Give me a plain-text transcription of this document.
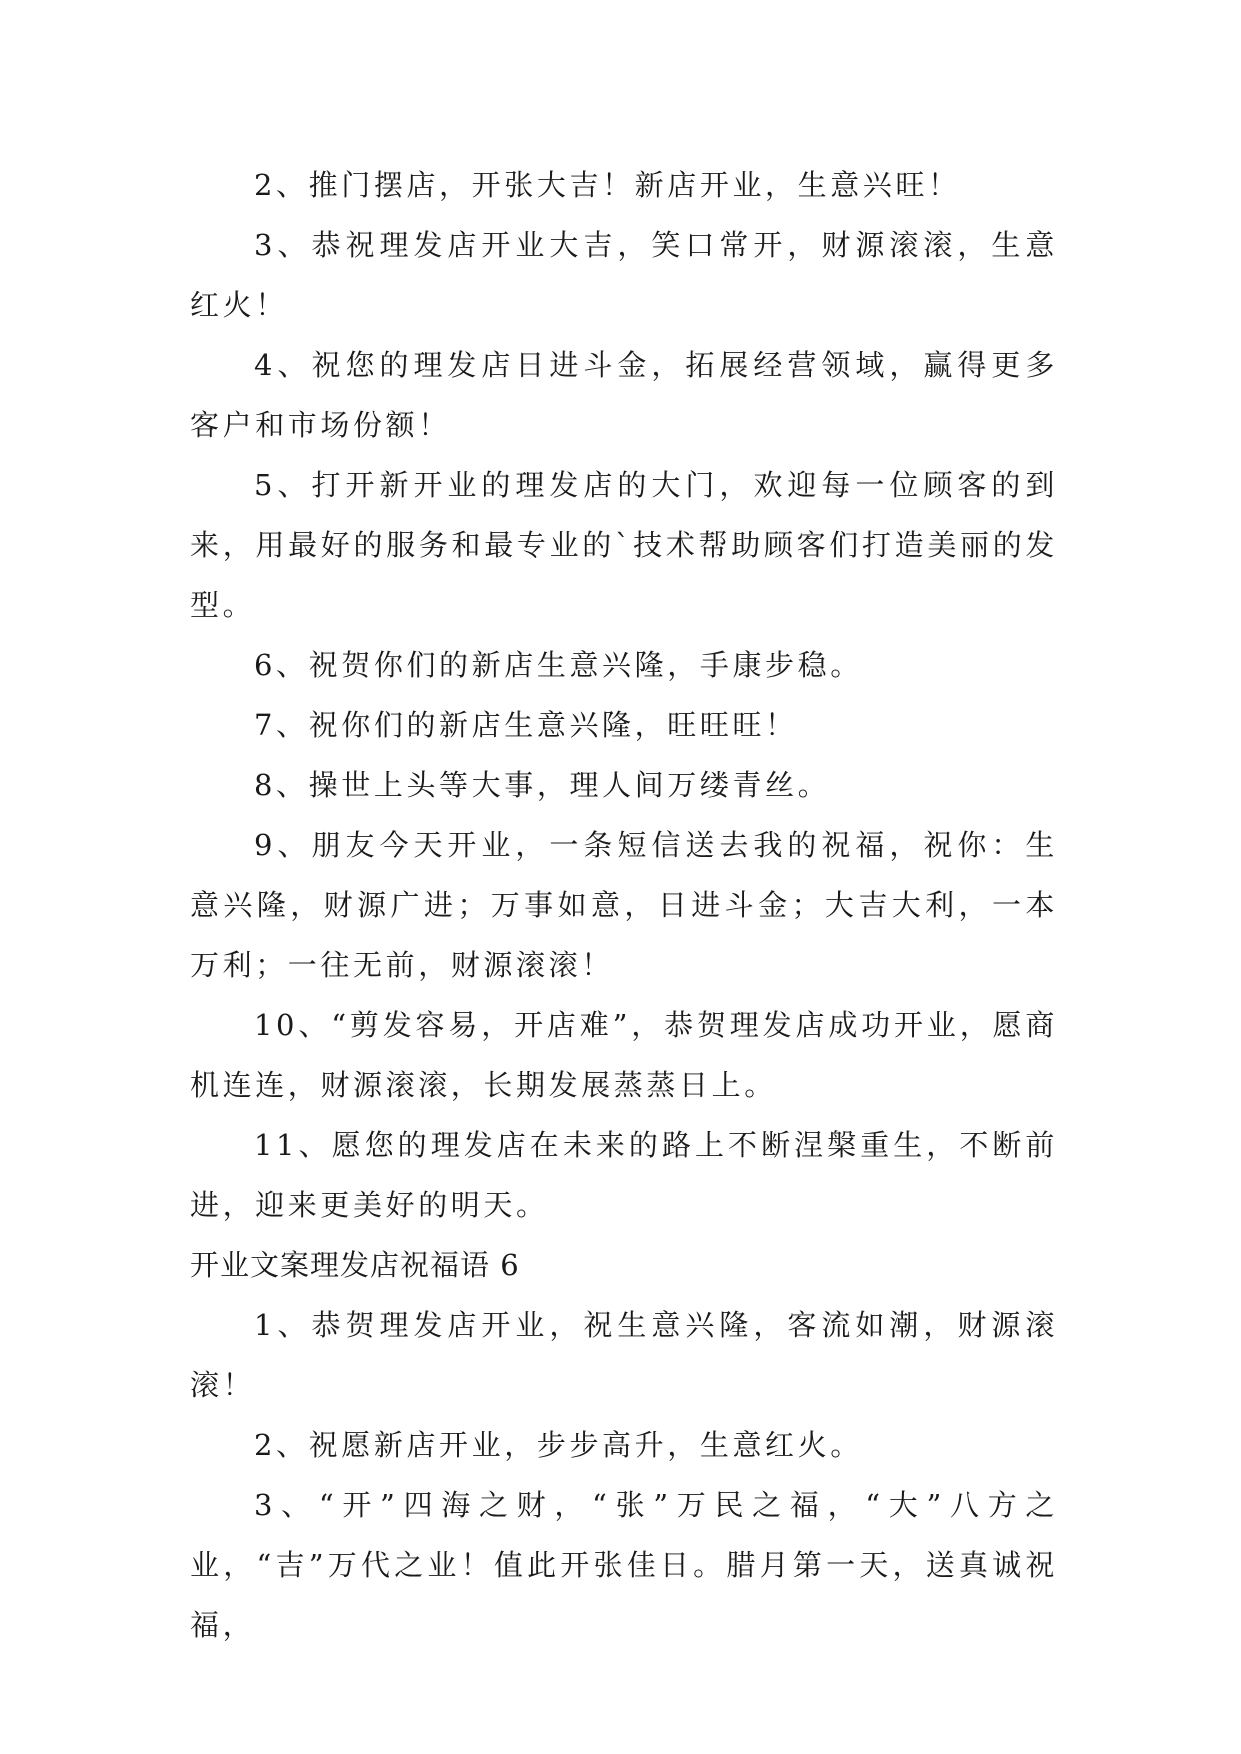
2、推门摆店，开张大吉！新店开业，生意兴旺！

3、恭祝理发店开业大吉，笑口常开，财源滚滚，生意红火！

4、祝您的理发店日进斗金，拓展经营领域，赢得更多客户和市场份额！

5、打开新开业的理发店的大门，欢迎每一位顾客的到来，用最好的服务和最专业的`技术帮助顾客们打造美丽的发型。

6、祝贺你们的新店生意兴隆，手康步稳。

7、祝你们的新店生意兴隆，旺旺旺！

8、操世上头等大事，理人间万缕青丝。

9、朋友今天开业，一条短信送去我的祝福，祝你：生意兴隆，财源广进；万事如意，日进斗金；大吉大利，一本万利；一往无前，财源滚滚！

10、“剪发容易，开店难”，恭贺理发店成功开业，愿商机连连，财源滚滚，长期发展蒸蒸日上。

11、愿您的理发店在未来的路上不断涅槃重生，不断前进，迎来更美好的明天。

开业文案理发店祝福语 6

1、恭贺理发店开业，祝生意兴隆，客流如潮，财源滚滚！

2、祝愿新店开业，步步高升，生意红火。

3、“开”四海之财，“张”万民之福，“大”八方之业，“吉”万代之业！值此开张佳日。腊月第一天，送真诚祝福，
